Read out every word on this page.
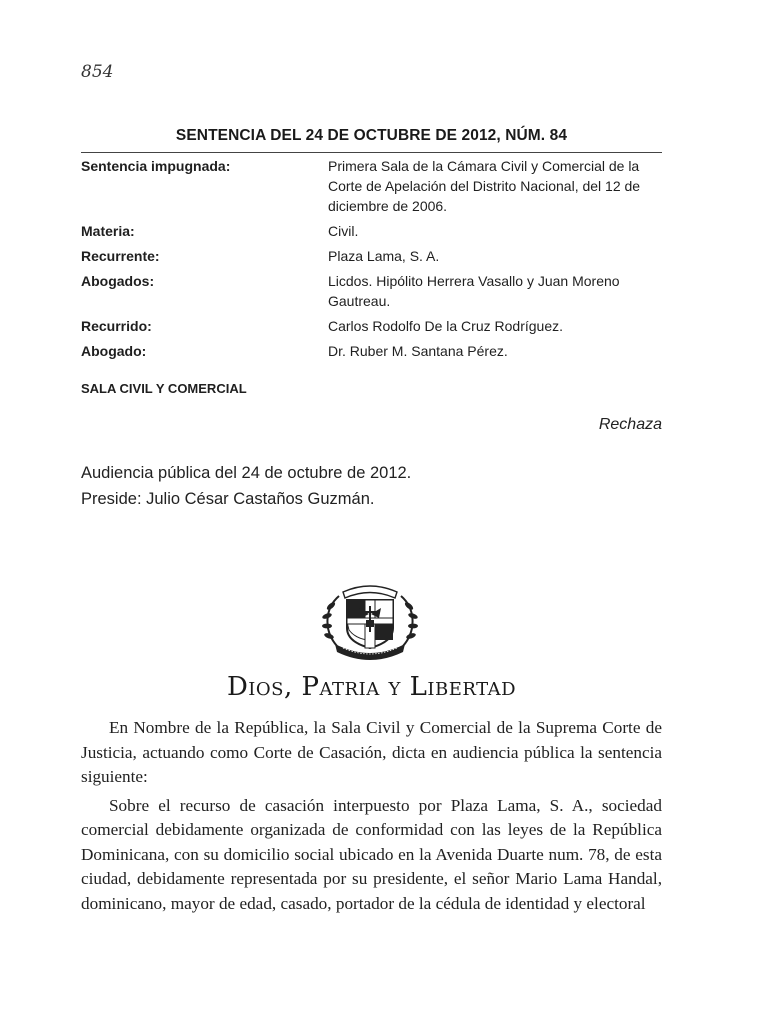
854
SENTENCIA DEL 24 DE OCTUBRE DE 2012, NÚM. 84
Sentencia impugnada:	Primera Sala de la Cámara Civil y Comercial de la Corte de Apelación del Distrito Nacional, del 12 de diciembre de 2006.
Materia:	Civil.
Recurrente:	Plaza Lama, S. A.
Abogados:	Licdos. Hipólito Herrera Vasallo y Juan Moreno Gautreau.
Recurrido:	Carlos Rodolfo De la Cruz Rodríguez.
Abogado:	Dr. Ruber M. Santana Pérez.
SALA CIVIL Y COMERCIAL
Rechaza
Audiencia pública del 24 de octubre de 2012.
Preside: Julio César Castaños Guzmán.
Dios, Patria y Libertad

En Nombre de la República, la Sala Civil y Comercial de la Suprema Corte de Justicia, actuando como Corte de Casación, dicta en audiencia pública la sentencia siguiente:

Sobre el recurso de casación interpuesto por Plaza Lama, S. A., sociedad comercial debidamente organizada de conformidad con las leyes de la República Dominicana, con su domicilio social ubicado en la Avenida Duarte num. 78, de esta ciudad, debidamente representada por su presidente, el señor Mario Lama Handal, dominicano, mayor de edad, casado, portador de la cédula de identidad y electoral
